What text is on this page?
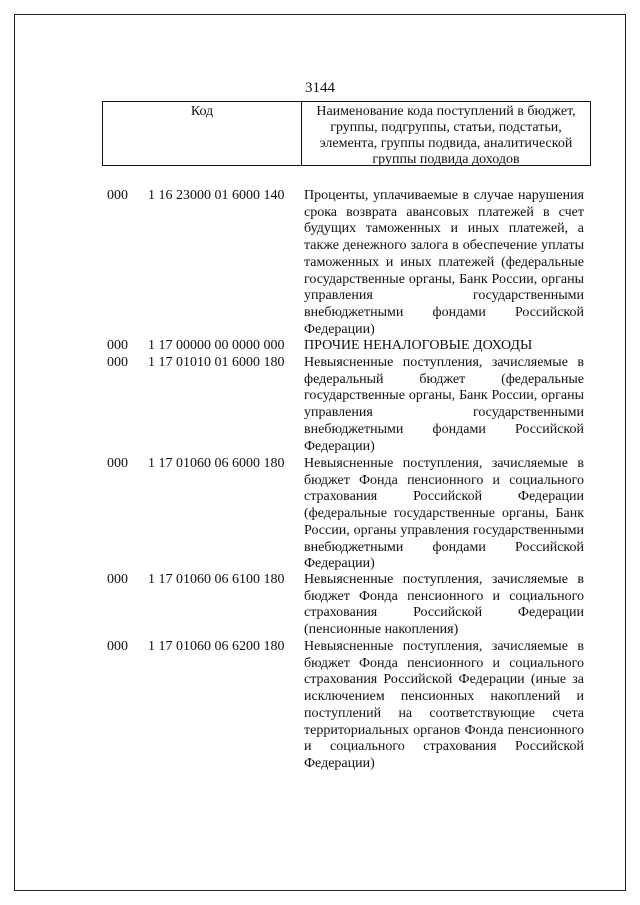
3144
Код	Наименование кода поступлений в бюджет, группы, подгруппы, статьи, подстатьи, элемента, группы подвида, аналитической группы подвида доходов
000 1 16 23000 01 6000 140 Проценты, уплачиваемые в случае нарушения срока возврата авансовых платежей в счет будущих таможенных и иных платежей, а также денежного залога в обеспечение уплаты таможенных и иных платежей (федеральные государственные органы, Банк России, органы управления государственными внебюджетными фондами Российской Федерации)
000 1 17 00000 00 0000 000 ПРОЧИЕ НЕНАЛОГОВЫЕ ДОХОДЫ
000 1 17 01010 01 6000 180 Невыясненные поступления, зачисляемые в федеральный бюджет (федеральные государственные органы, Банк России, органы управления государственными внебюджетными фондами Российской Федерации)
000 1 17 01060 06 6000 180 Невыясненные поступления, зачисляемые в бюджет Фонда пенсионного и социального страхования Российской Федерации (федеральные государственные органы, Банк России, органы управления государственными внебюджетными фондами Российской Федерации)
000 1 17 01060 06 6100 180 Невыясненные поступления, зачисляемые в бюджет Фонда пенсионного и социального страхования Российской Федерации (пенсионные накопления)
000 1 17 01060 06 6200 180 Невыясненные поступления, зачисляемые в бюджет Фонда пенсионного и социального страхования Российской Федерации (иные за исключением пенсионных накоплений и поступлений на соответствующие счета территориальных органов Фонда пенсионного и социального страхования Российской Федерации)
